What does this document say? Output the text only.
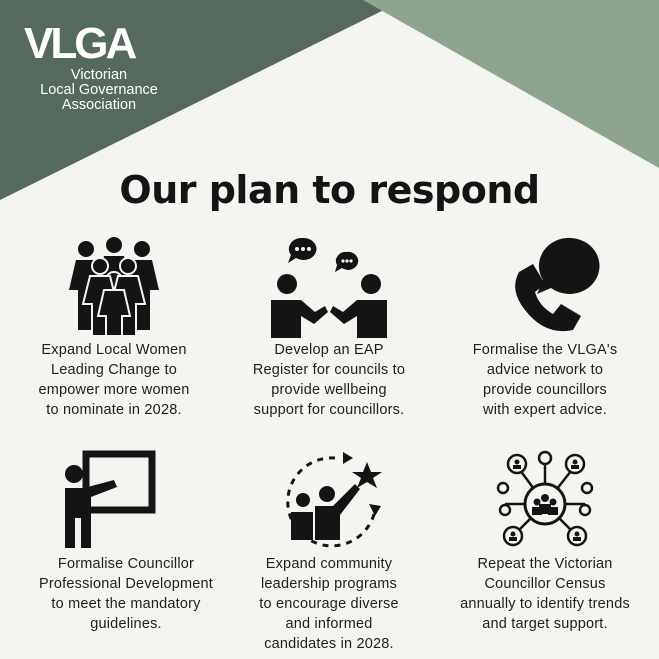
VLGA
Victorian
Local Governance
Association
Our plan to respond
Expand Local Women
Leading Change to
empower more women
to nominate in 2028.
Develop an EAP
Register for councils to
provide wellbeing
support for councillors.
Formalise the VLGA's
advice network to
provide councillors
with expert advice.
Formalise Councillor
Professional Development
to meet the mandatory
guidelines.
Expand community
leadership programs
to encourage diverse
and informed
candidates in 2028.
Repeat the Victorian
Councillor Census
annually to identify trends
and target support.
